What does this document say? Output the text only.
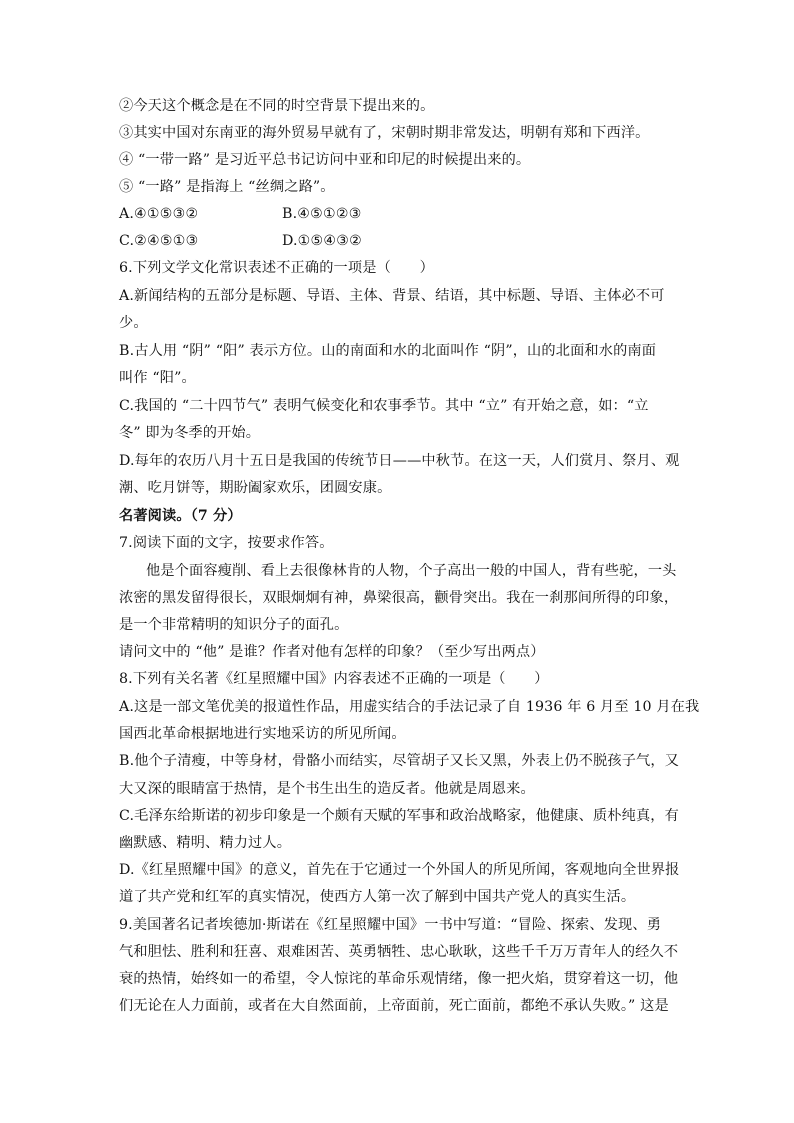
②今天这个概念是在不同的时空背景下提出来的。
③其实中国对东南亚的海外贸易早就有了，宋朝时期非常发达，明朝有郑和下西洋。
④ “一带一路” 是习近平总书记访问中亚和印尼的时候提出来的。
⑤ “一路” 是指海上 “丝绸之路”。
A.④①⑤③②	B.④⑤①②③
C.②④⑤①③	D.①⑤④③②
6.下列文学文化常识表述不正确的一项是（　　）
A.新闻结构的五部分是标题、导语、主体、背景、结语，其中标题、导语、主体必不可
少。
B.古人用 “阴” “阳” 表示方位。山的南面和水的北面叫作 “阴”，山的北面和水的南面
叫作 “阳”。
C.我国的 “二十四节气” 表明气候变化和农事季节。其中 “立” 有开始之意，如：“立
冬” 即为冬季的开始。
D.每年的农历八月十五日是我国的传统节日——中秋节。在这一天，人们赏月、祭月、观
潮、吃月饼等，期盼阖家欢乐，团圆安康。
名著阅读。（7 分）
7.阅读下面的文字，按要求作答。
他是个面容瘦削、看上去很像林肯的人物，个子高出一般的中国人，背有些驼，一头
浓密的黑发留得很长，双眼炯炯有神，鼻梁很高，颧骨突出。我在一刹那间所得的印象，
是一个非常精明的知识分子的面孔。
请问文中的 “他” 是谁？作者对他有怎样的印象？（至少写出两点）
8.下列有关名著《红星照耀中国》内容表述不正确的一项是（　　）
A.这是一部文笔优美的报道性作品，用虚实结合的手法记录了自 1936 年 6 月至 10 月在我
国西北革命根据地进行实地采访的所见所闻。
B.他个子清瘦，中等身材，骨骼小而结实，尽管胡子又长又黑，外表上仍不脱孩子气，又
大又深的眼睛富于热情，是个书生出生的造反者。他就是周恩来。
C.毛泽东给斯诺的初步印象是一个颇有天赋的军事和政治战略家，他健康、质朴纯真，有
幽默感、精明、精力过人。
D.《红星照耀中国》的意义，首先在于它通过一个外国人的所见所闻，客观地向全世界报
道了共产党和红军的真实情况，使西方人第一次了解到中国共产党人的真实生活。
9.美国著名记者埃德加·斯诺在《红星照耀中国》一书中写道：“冒险、探索、发现、勇
气和胆怯、胜利和狂喜、艰难困苦、英勇牺牲、忠心耿耿，这些千千万万青年人的经久不
衰的热情，始终如一的希望，令人惊诧的革命乐观情绪，像一把火焰，贯穿着这一切，他
们无论在人力面前，或者在大自然面前，上帝面前，死亡面前，都绝不承认失败。” 这是
